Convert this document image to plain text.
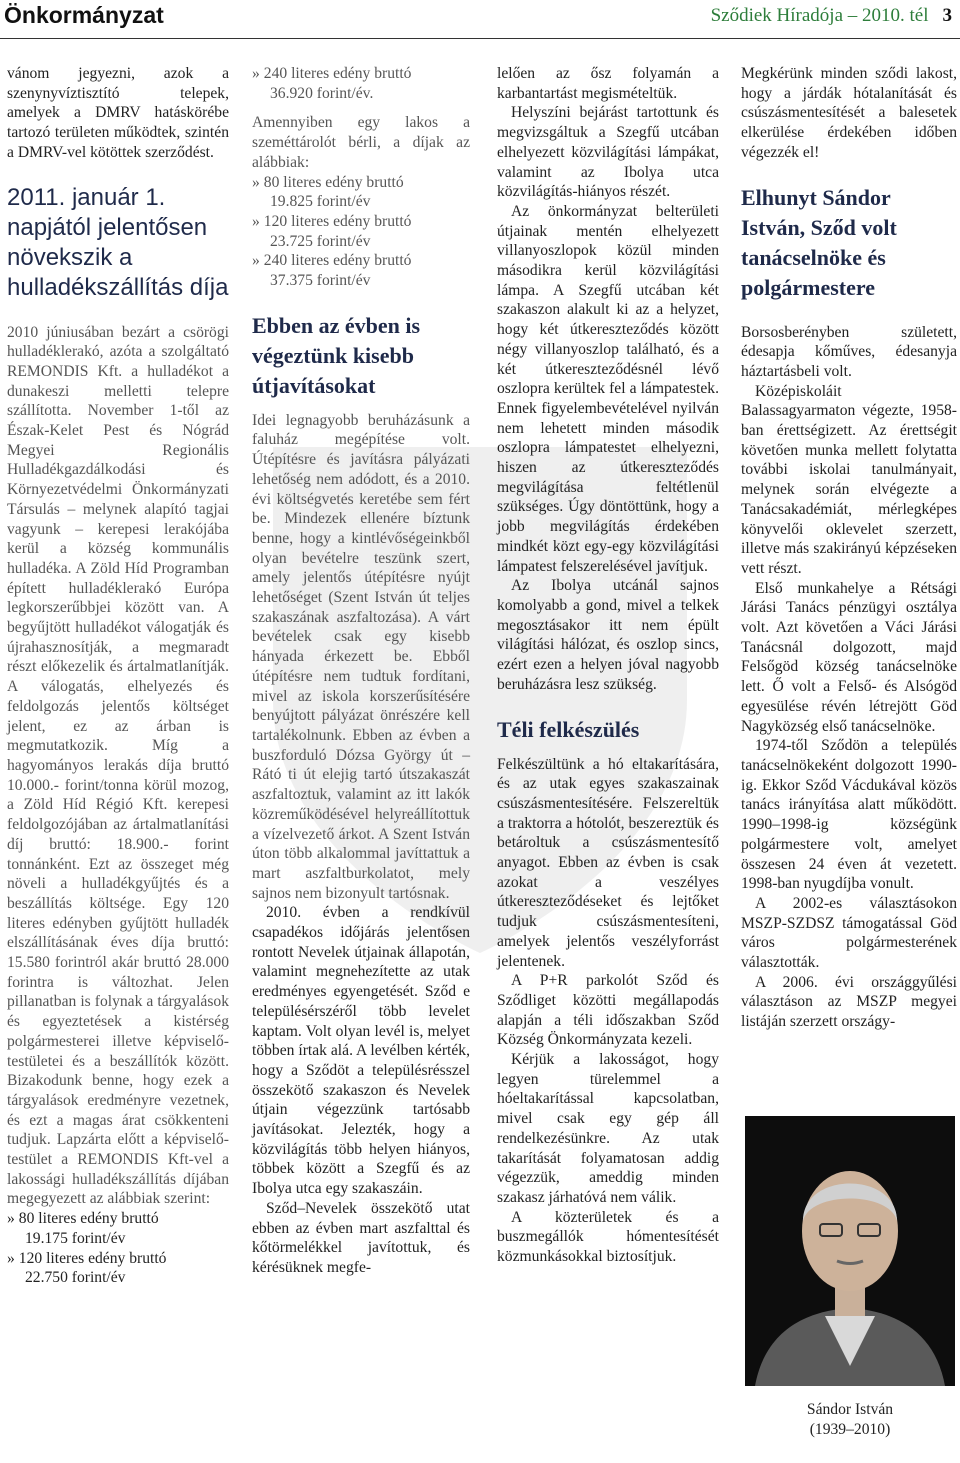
Önkormányzat	Sződiek Híradója – 2010. tél 3

vánom jegyezni, azok a szenynyvíztisztító telepek, amelyek a DMRV hatáskörébe tartozó területen működtek, szintén a DMRV-vel kötöttek szerződést.

2011. január 1.

napjától jelentősen növekszik a hulladékszállítás díja

2010 júniusában bezárt a csörögi hulladéklerakó, azóta a szolgáltató REMONDIS Kft. a hulladékot a dunakeszi melletti telepre szállította. November 1-től az Észak-Kelet Pest és Nógrád Megyei Regionális Hulladékgazdálkodási és Környezetvédelmi Önkormányzati Társulás – melynek alapító tagjai vagyunk – kerepesi lerakójába kerül a község kommunális hulladéka. A Zöld Híd Programban épített hulladéklerakó Európa legkorszerűbbjei között van. A begyűjtött hulladékot válogatják és újrahasznosítják, a megmaradt részt előkezelik és ártalmatlanítják. A válogatás, elhelyezés és feldolgozás jelentős költséget jelent, ez az árban is megmutatkozik. Míg a hagyományos lerakás díja bruttó 10.000.- forint/tonna körül mozog, a Zöld Híd Régió Kft. kerepesi feldolgozójában az ártalmatlanítási díj bruttó: 18.900.- forint tonnánként. Ezt az összeget még növeli a hulladékgyűjtés és a beszállítás költsége. Egy 120 literes edényben gyűjtött hulladék elszállításának éves díja bruttó: 15.580 forintról akár bruttó 28.000 forintra is változhat. Jelen pillanatban is folynak a tárgyalások és egyeztetések a kistérség polgármesterei illetve képviselő-testületei és a beszállítók között. Bizakodunk benne, hogy ezek a tárgyalások eredményre vezetnek, és ezt a magas árat csökkenteni tudjuk. Lapzárta előtt a képviselő-testület a REMONDIS Kft-vel a lakossági hulladékszállítás díjában megegyezett az alábbiak szerint:

» 80 literes edény bruttó
19.175 forint/év
» 120 literes edény bruttó
22.750 forint/év
» 240 literes edény bruttó
36.920 forint/év.

Amennyiben egy lakos a szeméttárolót bérli, a díjak az alábbiak:

» 80 literes edény bruttó
19.825 forint/év
» 120 literes edény bruttó
23.725 forint/év
» 240 literes edény bruttó
37.375 forint/év

Ebben az évben is végeztünk kisebb útjavításokat

Idei legnagyobb beruházásunk a faluház megépítése volt. Útépítésre és javításra pályázati lehetőség nem adódott, és a 2010. évi költségvetés keretébe sem fért be. Mindezek ellenére bíztunk benne, hogy a kintlévőségeinkből olyan bevételre teszünk szert, amely jelentős útépítésre nyújt lehetőséget (Szent István út teljes szakaszának aszfaltozása). A várt bevételek csak egy kisebb hányada érkezett be. Ebből útépítésre nem tudtuk fordítani, mivel az iskola korszerűsítésére benyújtott pályázat önrészére kell tartalékolnunk. Ebben az évben a buszforduló Dózsa György út – Rátó ti út elejig tartó útszakaszát aszfaltoztuk, valamint az itt lakók közreműködésével helyreállítottuk a vízelvezető árkot. A Szent István úton több alkalommal javíttattuk a mart aszfaltburkolatot, mely sajnos nem bizonyult tartósnak.

2010. évben a rendkívül csapadékos időjárás jelentősen rontott Nevelek útjainak állapotán, valamint megnehezítette az utak eredményes egyengetését. Sződ e településérszéről több levelet kaptam. Volt olyan levél is, melyet többen írtak alá. A levélben kérték, hogy a Sződöt a településrésszel összekötő szakaszon és Nevelek útjain végezzünk tartósabb javításokat. Jelezték, hogy a közvilágítás több helyen hiányos, többek között a Szegfű és az Ibolya utca egy szakaszáin.

Sződ–Nevelek összekötő utat ebben az évben mart aszfalttal és kőtörmelékkel javítottuk, és kérésüknek megfe-

lelően az ősz folyamán a karbantartást megismételtük.

Helyszíni bejárást tartottunk és megvizsgáltuk a Szegfű utcában elhelyezett közvilágítási lámpákat, valamint az Ibolya utca közvilágítás-hiányos részét.

Az önkormányzat belterületi útjainak mentén elhelyezett villanyoszlopok közül minden másodikra kerül közvilágítási lámpa. A Szegfű utcában két szakaszon alakult ki az a helyzet, hogy két útkereszteződés között négy villanyoszlop található, és a két útkereszteződésnél lévő oszlopra kerültek fel a lámpatestek. Ennek figyelembevételével nyilván nem lehetett minden második oszlopra lámpatestet elhelyezni, hiszen az útkereszteződés megvilágítása feltétlenül szükséges. Úgy döntöttünk, hogy a jobb megvilágítás érdekében mindkét közt egy-egy közvilágítási lámpatest felszerelésével javítjuk.

Az Ibolya utcánál sajnos komolyabb a gond, mivel a telkek megosztásakor itt nem épült világítási hálózat, és oszlop sincs, ezért ezen a helyen jóval nagyobb beruházásra lesz szükség.

Téli felkészülés

Felkészültünk a hó eltakarítására, és az utak egyes szakaszainak csúszásmentesítésére. Felszereltük a traktorra a hótolót, beszereztük és betároltuk a csúszásmentesítő anyagot. Ebben az évben is csak azokat a veszélyes útkereszteződéseket és lejtőket tudjuk csúszásmentesíteni, amelyek jelentős veszélyforrást jelentenek.

A P+R parkolót Sződ és Sződliget közötti megállapodás alapján a téli időszakban Sződ Község Önkormányzata kezeli.

Kérjük a lakosságot, hogy legyen türelemmel a hóeltakarítással kapcsolatban, mivel csak egy gép áll rendelkezésünkre. Az utak takarítását folyamatosan addig végezzük, ameddig minden szakasz járhatóvá nem válik.

A közterületek és a buszmegállók hómentesítését közmunkásokkal biztosítjuk.

Megkérünk minden sződi lakost, hogy a járdák hótalanítását és csúszásmentesítését a balesetek elkerülése érdekében időben végezzék el!

Elhunyt Sándor István, Sződ volt tanácselnöke és polgármestere

Borsosberényben született, édesapja kőműves, édesanyja háztartásbeli volt.

Középiskoláit Balassagyarmaton végezte, 1958-ban érettségizett. Az érettségit követően munka mellett folytatta további iskolai tanulmányait, melynek során elvégezte a Tanácsakadémiát, mérlegképes könyvelői oklevelet szerzett, illetve más szakirányú képzéseken vett részt.

Első munkahelye a Rétsági Járási Tanács pénzügyi osztálya volt. Azt követően a Váci Járási Tanácsnál dolgozott, majd Felsőgöd község tanácselnöke lett. Ő volt a Felső- és Alsógöd egyesülése révén létrejött Göd Nagyközség első tanácselnöke.

1974-től Sződön a település tanácselnökeként dolgozott 1990-ig. Ekkor Sződ Vácdukával közös tanács irányítása alatt működött. 1990–1998-ig községünk polgármestere volt, amelyet összesen 24 éven át vezetett. 1998-ban nyugdíjba vonult.

A 2002-es választásokon MSZP-SZDSZ támogatással Göd város polgármesterének választották.

A 2006. évi országgyűlési választáson az MSZP megyei listáján szerzett országy-

Sándor István
(1939–2010)
